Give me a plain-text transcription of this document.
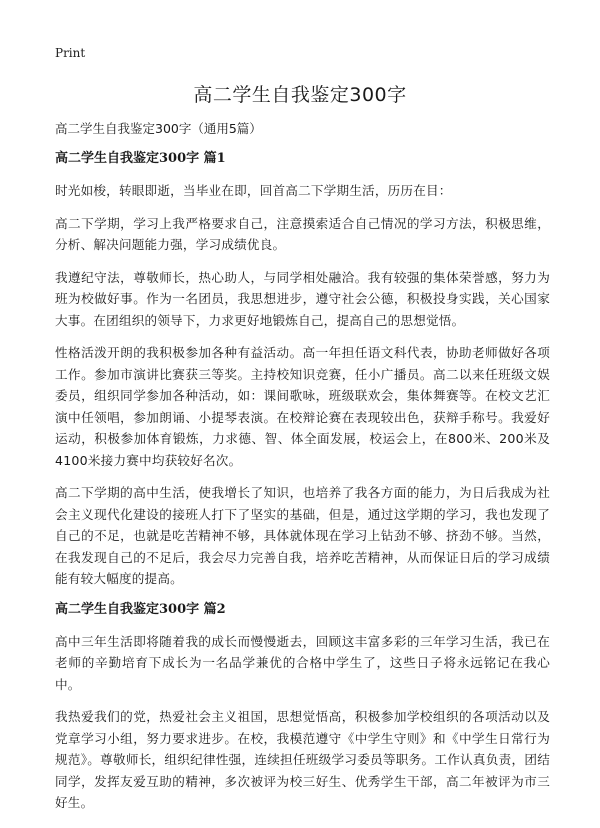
Print
高二学生自我鉴定300字

高二学生自我鉴定300字（通用5篇）

高二学生自我鉴定300字 篇1

时光如梭，转眼即逝，当毕业在即，回首高二下学期生活，历历在目：

高二下学期，学习上我严格要求自己，注意摸索适合自己情况的学习方法，积极思维，分析、解决问题能力强，学习成绩优良。

我遵纪守法，尊敬师长，热心助人，与同学相处融洽。我有较强的集体荣誉感，努力为班为校做好事。作为一名团员，我思想进步，遵守社会公德，积极投身实践，关心国家大事。在团组织的领导下，力求更好地锻炼自己，提高自己的思想觉悟。

性格活泼开朗的我积极参加各种有益活动。高一年担任语文科代表，协助老师做好各项工作。参加市演讲比赛获三等奖。主持校知识竞赛，任小广播员。高二以来任班级文娱委员，组织同学参加各种活动，如：课间歌咏，班级联欢会，集体舞赛等。在校文艺汇演中任领唱，参加朗诵、小提琴表演。在校辩论赛在表现较出色，获辩手称号。我爱好运动，积极参加体育锻炼，力求德、智、体全面发展，校运会上，在800米、200米及4100米接力赛中均获较好名次。

高二下学期的高中生活，使我增长了知识，也培养了我各方面的能力，为日后我成为社会主义现代化建设的接班人打下了坚实的基础，但是，通过这学期的学习，我也发现了自己的不足，也就是吃苦精神不够，具体就体现在学习上钻劲不够、挤劲不够。当然，在我发现自己的不足后，我会尽力完善自我，培养吃苦精神，从而保证日后的学习成绩能有较大幅度的提高。

高二学生自我鉴定300字 篇2

高中三年生活即将随着我的成长而慢慢逝去，回顾这丰富多彩的三年学习生活，我已在老师的辛勤培育下成长为一名品学兼优的合格中学生了，这些日子将永远铭记在我心中。

我热爱我们的党，热爱社会主义祖国，思想觉悟高，积极参加学校组织的各项活动以及党章学习小组，努力要求进步。在校，我模范遵守《中学生守则》和《中学生日常行为规范》。尊敬师长，组织纪律性强，连续担任班级学习委员等职务。工作认真负责，团结同学，发挥友爱互助的精神，多次被评为校三好生、优秀学生干部，高二年被评为市三好生。
